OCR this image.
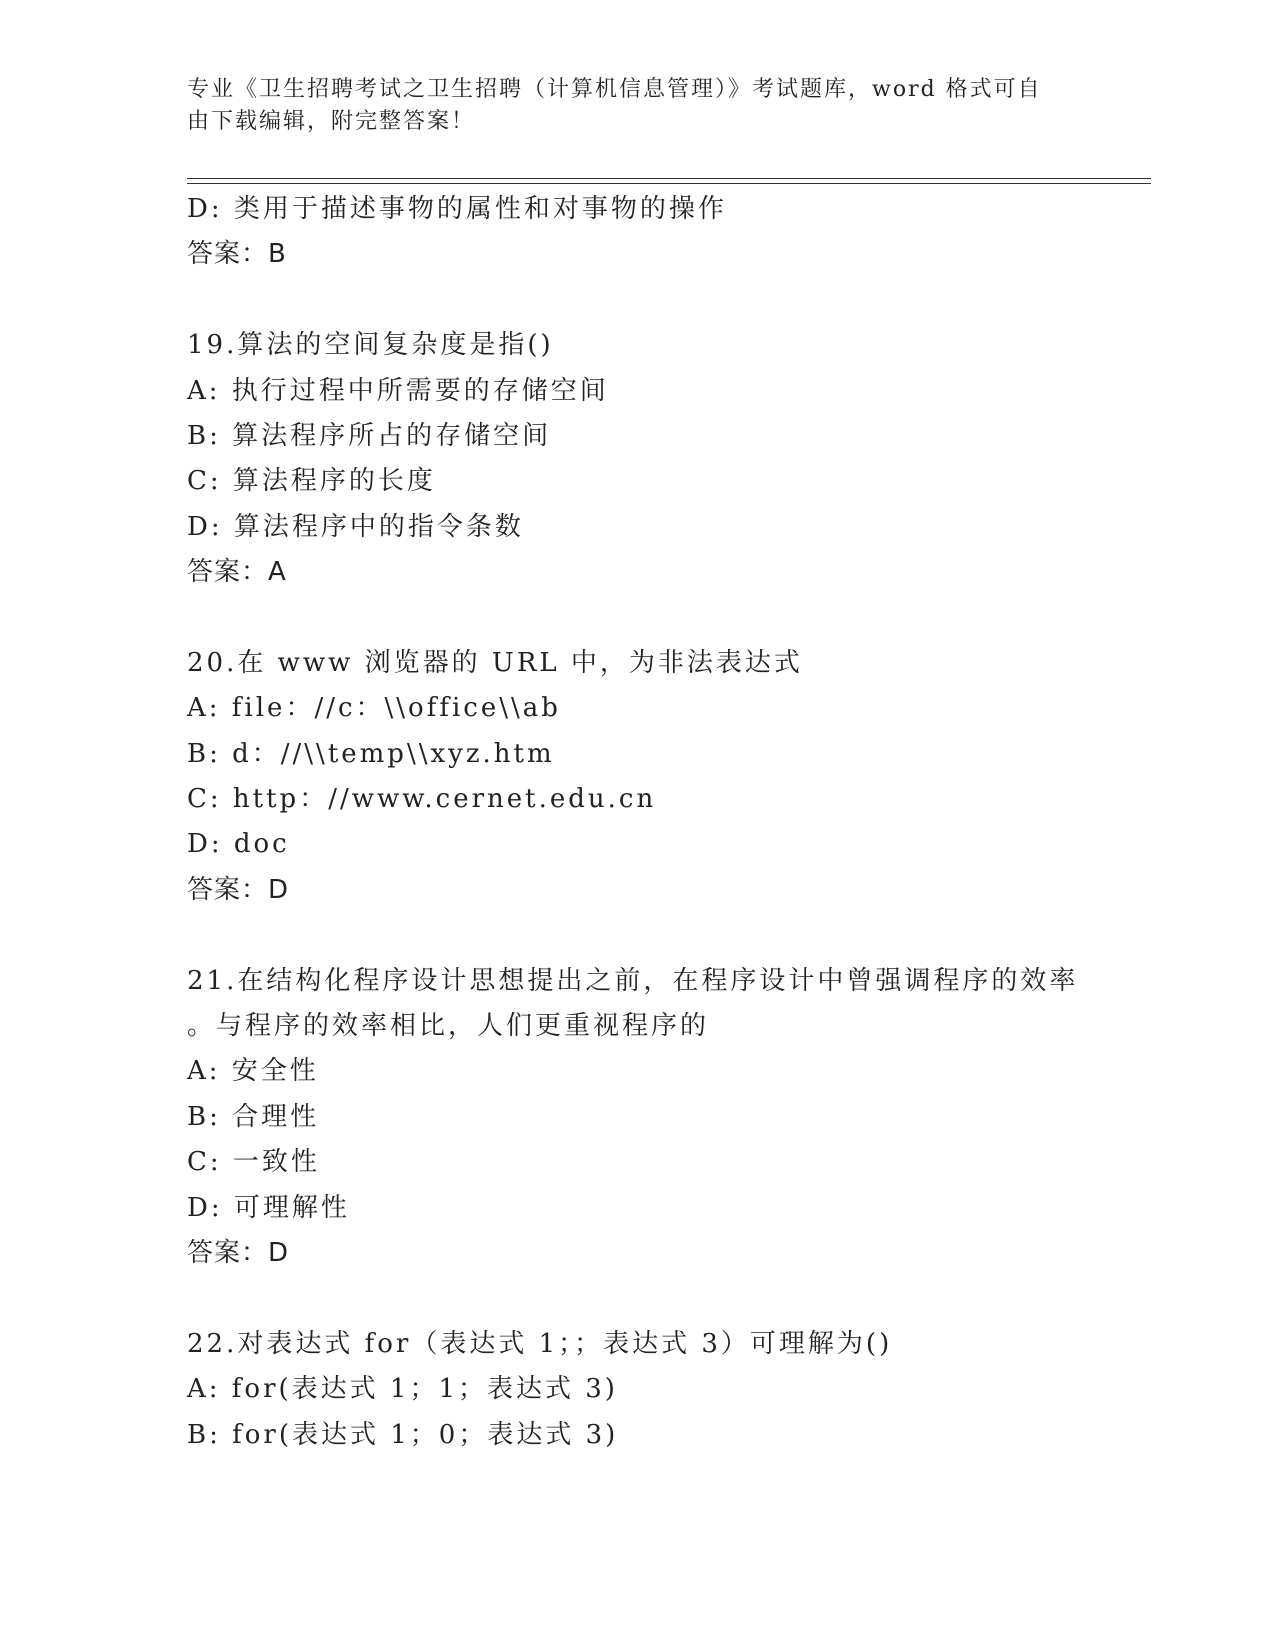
专业《卫生招聘考试之卫生招聘（计算机信息管理）》考试题库，word 格式可自
由下载编辑，附完整答案！
D: 类用于描述事物的属性和对事物的操作
答案：B
19.算法的空间复杂度是指()
A: 执行过程中所需要的存储空间
B: 算法程序所占的存储空间
C: 算法程序的长度
D: 算法程序中的指令条数
答案：A
20.在 www 浏览器的 URL 中，为非法表达式
A: file：//c：\\office\\ab
B: d：//\\temp\\xyz.htm
C: http：//www.cernet.edu.cn
D: doc
答案：D
21.在结构化程序设计思想提出之前，在程序设计中曾强调程序的效率
。与程序的效率相比，人们更重视程序的
A: 安全性
B: 合理性
C: 一致性
D: 可理解性
答案：D
22.对表达式 for（表达式 1；；表达式 3）可理解为()
A: for(表达式 1；1；表达式 3)
B: for(表达式 1；0；表达式 3)
